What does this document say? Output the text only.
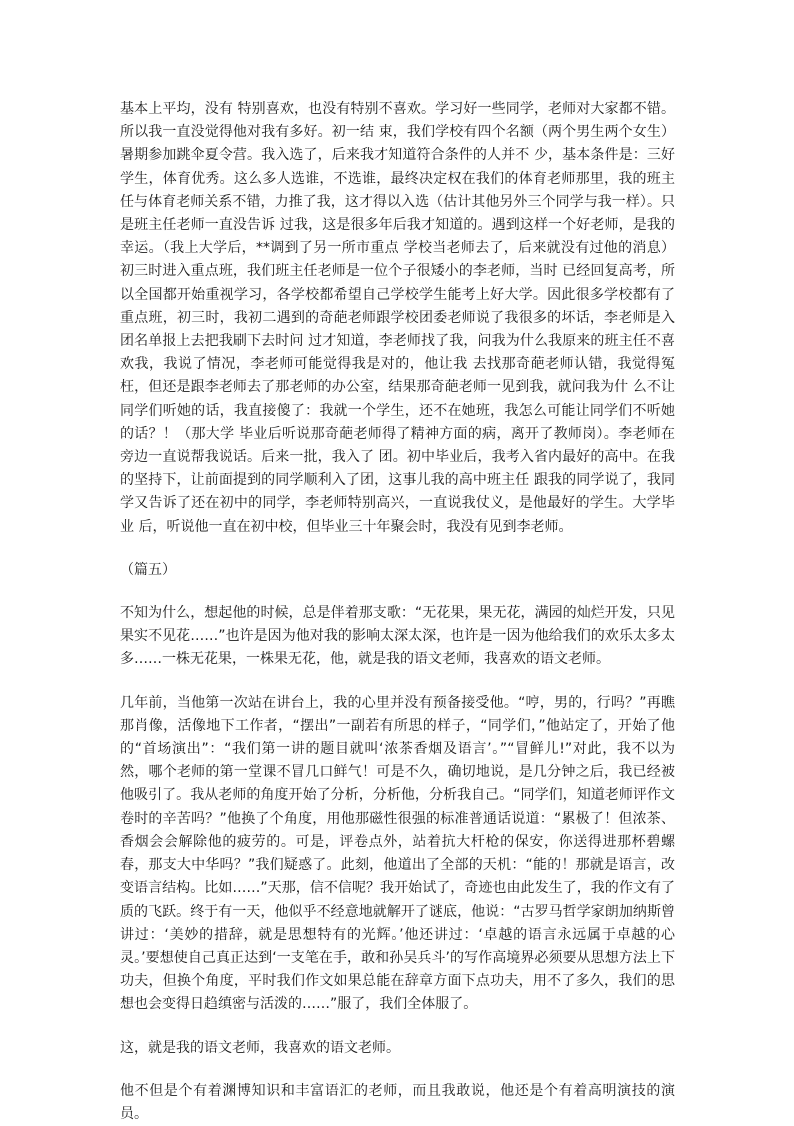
基本上平均，没有 特别喜欢，也没有特别不喜欢。学习好一些同学，老师对大家都不错。所以我一直没觉得他对我有多好。初一结 束，我们学校有四个名额（两个男生两个女生）暑期参加跳伞夏令营。我入选了，后来我才知道符合条件的人并不 少，基本条件是：三好学生，体育优秀。这么多人选谁，不选谁，最终决定权在我们的体育老师那里，我的班主任与体育老师关系不错，力推了我，这才得以入选（估计其他另外三个同学与我一样）。只是班主任老师一直没告诉 过我，这是很多年后我才知道的。遇到这样一个好老师，是我的幸运。（我上大学后，**调到了另一所市重点 学校当老师去了，后来就没有过他的消息） 初三时进入重点班，我们班主任老师是一位个子很矮小的李老师，当时 已经回复高考，所以全国都开始重视学习，各学校都希望自己学校学生能考上好大学。因此很多学校都有了重点班，初三时，我初二遇到的奇葩老师跟学校团委老师说了我很多的坏话，李老师是入团名单报上去把我刷下去时问 过才知道，李老师找了我，问我为什么我原来的班主任不喜欢我，我说了情况，李老师可能觉得我是对的，他让我 去找那奇葩老师认错，我觉得冤枉，但还是跟李老师去了那老师的办公室，结果那奇葩老师一见到我，就问我为什 么不让同学们听她的话，我直接傻了：我就一个学生，还不在她班，我怎么可能让同学们不听她的话？！（那大学 毕业后听说那奇葩老师得了精神方面的病，离开了教师岗）。李老师在旁边一直说帮我说话。后来一批，我入了 团。初中毕业后，我考入省内最好的高中。在我的坚持下，让前面提到的同学顺利入了团，这事儿我的高中班主任 跟我的同学说了，我同学又告诉了还在初中的同学，李老师特别高兴，一直说我仗义，是他最好的学生。大学毕业 后，听说他一直在初中校，但毕业三十年聚会时，我没有见到李老师。

（篇五）

不知为什么，想起他的时候，总是伴着那支歌：“无花果，果无花，满园的灿烂开发，只见果实不见花……”也许是因为他对我的影响太深太深，也许是一因为他给我们的欢乐太多太多……一株无花果，一株果无花，他，就是我的语文老师，我喜欢的语文老师。

几年前，当他第一次站在讲台上，我的心里并没有预备接受他。“哼，男的，行吗？”再瞧那肖像，活像地下工作者，“摆出”一副若有所思的样子，“同学们，”他站定了，开始了他的“首场演出”：“我们第一讲的题目就叫‘浓茶香烟及语言’。”“冒鲜儿!”对此，我不以为然，哪个老师的第一堂课不冒几口鲜气！可是不久，确切地说，是几分钟之后，我已经被他吸引了。我从老师的角度开始了分析，分析他，分析我自己。“同学们，知道老师评作文卷时的辛苦吗？”他换了个角度，用他那磁性很强的标准普通话说道：“累极了！但浓茶、香烟会会解除他的疲劳的。可是，评卷点外，站着抗大杆枪的保安，你送得进那杯碧螺春，那支大中华吗？”我们疑惑了。此刻，他道出了全部的天机：“能的！那就是语言，改变语言结构。比如……”天那，信不信呢？我开始试了，奇迹也由此发生了，我的作文有了质的飞跃。终于有一天，他似乎不经意地就解开了谜底，他说：“古罗马哲学家朗加纳斯曾讲过：‘美妙的措辞，就是思想特有的光辉。’他还讲过：‘卓越的语言永远属于卓越的心灵。’要想使自己真正达到‘一支笔在手，敢和孙吴兵斗’的写作高境界必须要从思想方法上下功夫，但换个角度，平时我们作文如果总能在辞章方面下点功夫，用不了多久，我们的思想也会变得日趋缜密与活泼的……”服了，我们全体服了。

这，就是我的语文老师，我喜欢的语文老师。

他不但是个有着渊博知识和丰富语汇的老师，而且我敢说，他还是个有着高明演技的演员。
